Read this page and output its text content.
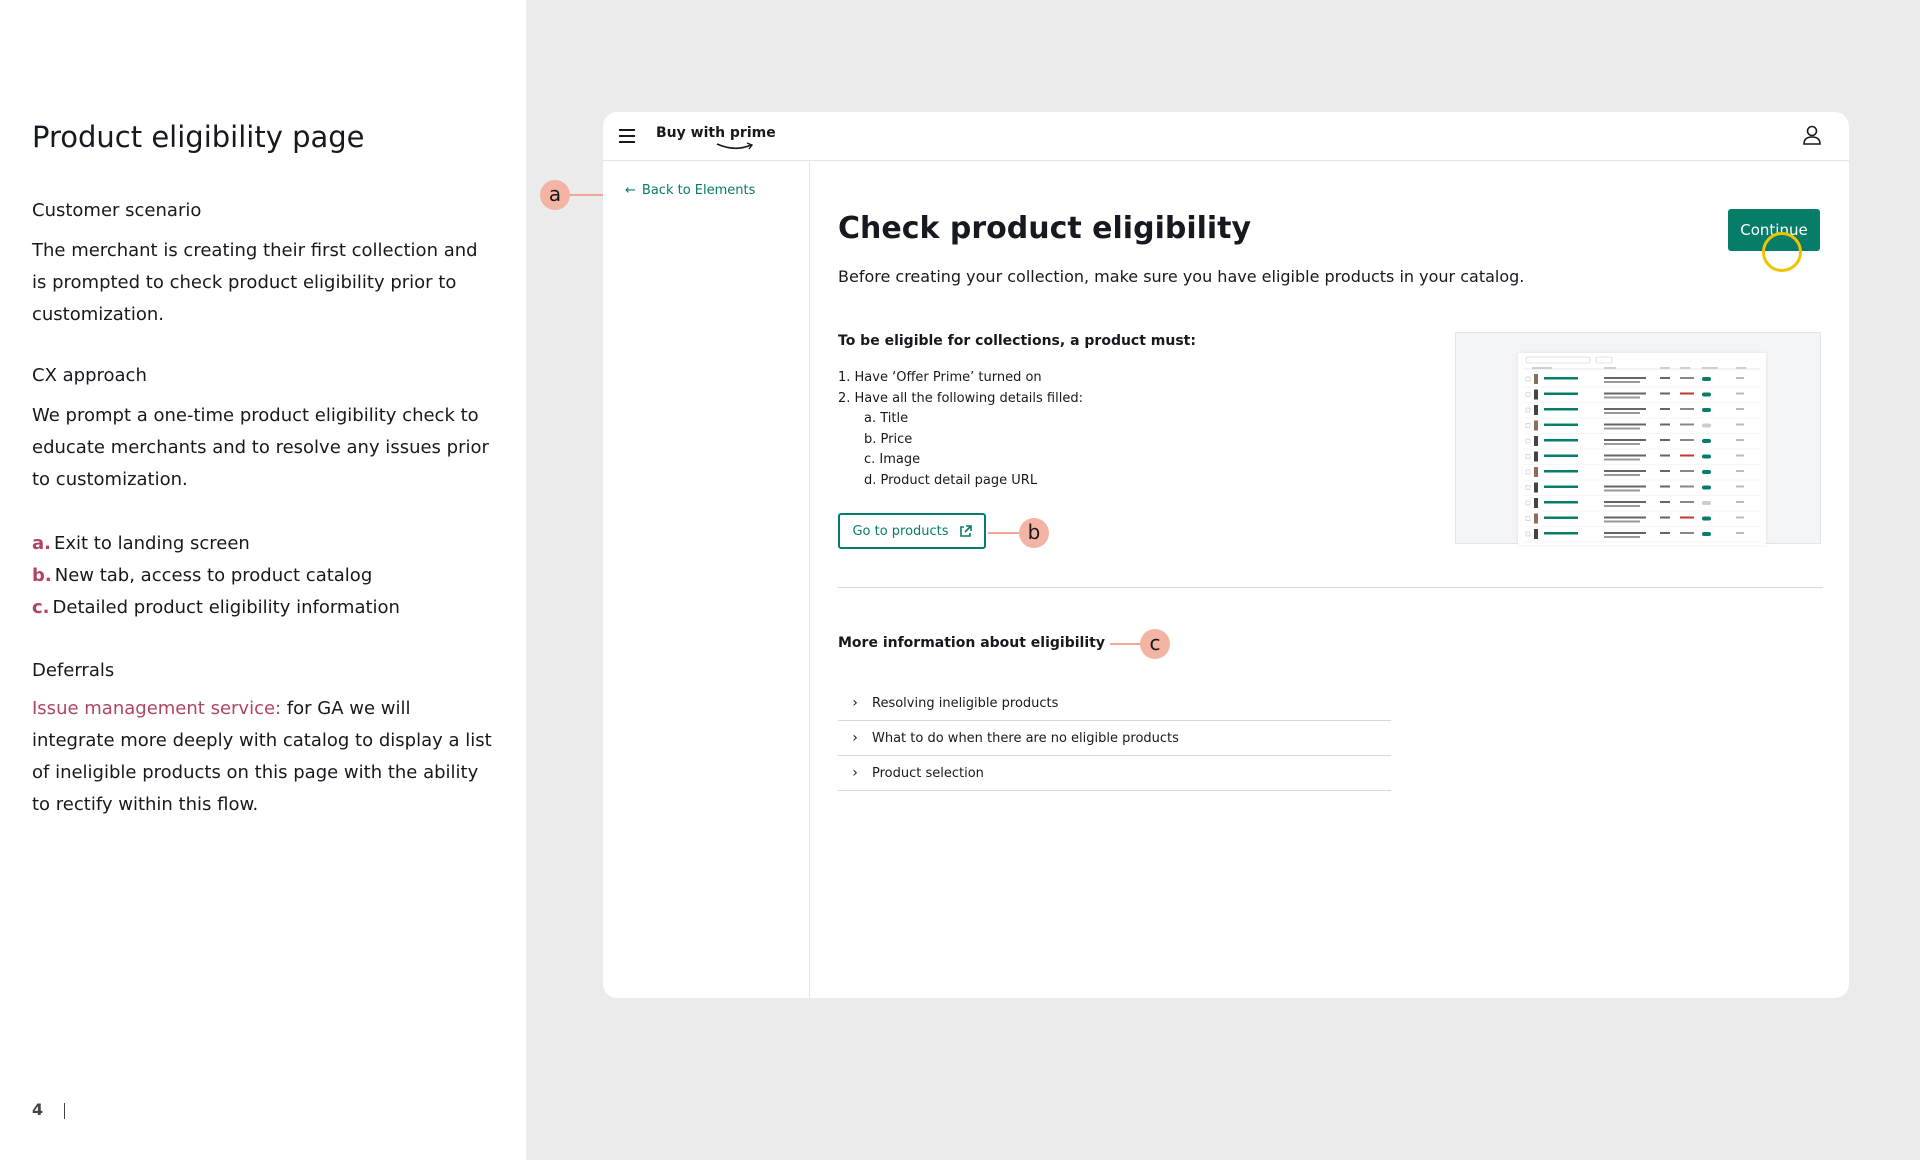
Product eligibility page
Customer scenario

The merchant is creating their first collection and is prompted to check product eligibility prior to customization.

CX approach

We prompt a one-time product eligibility check to educate merchants and to resolve any issues prior to customization.

a. Exit to landing screen
b. New tab, access to product catalog
c. Detailed product eligibility information
Deferrals

Issue management service: for GA we will integrate more deeply with catalog to display a list of ineligible products on this page with the ability to rectify within this flow.

4
Buy with prime
← Back to Elements
Check product eligibility

Before creating your collection, make sure you have eligible products in your catalog.

Continue
To be eligible for collections, a product must:
1. Have ‘Offer Prime’ turned on
2. Have all the following details filled:
a. Title
b. Price
c. Image
d. Product detail page URL
Go to products
More information about eligibility
›	Resolving ineligible products
›	What to do when there are no eligible products
›	Product selection
a
b
c
